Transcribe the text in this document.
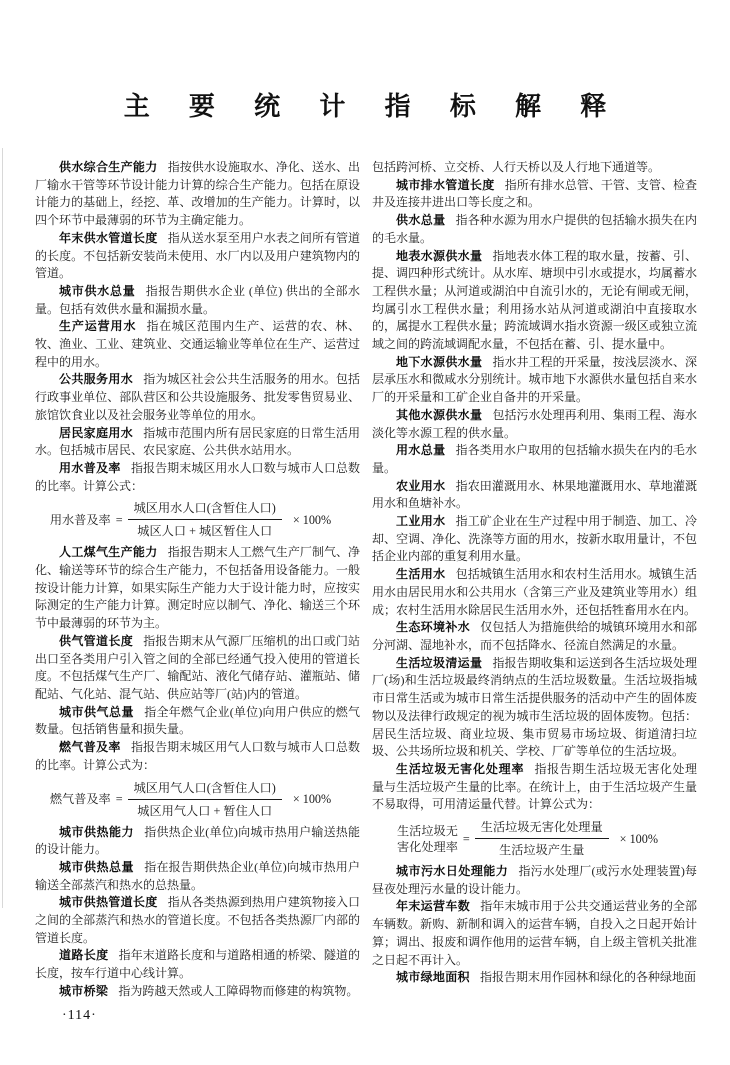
主 要 统 计 指 标 解 释

供水综合生产能力 指按供水设施取水、净化、送水、出厂输水干管等环节设计能力计算的综合生产能力。包括在原设计能力的基础上，经挖、革、改增加的生产能力。计算时，以四个环节中最薄弱的环节为主确定能力。

年末供水管道长度 指从送水泵至用户水表之间所有管道的长度。不包括新安装尚未使用、水厂内以及用户建筑物内的管道。

城市供水总量 指报告期供水企业 (单位) 供出的全部水量。包括有效供水量和漏损水量。

生产运营用水 指在城区范围内生产、运营的农、林、牧、渔业、工业、建筑业、交通运输业等单位在生产、运营过程中的用水。

公共服务用水 指为城区社会公共生活服务的用水。包括行政事业单位、部队营区和公共设施服务、批发零售贸易业、旅馆饮食业以及社会服务业等单位的用水。

居民家庭用水 指城市范围内所有居民家庭的日常生活用水。包括城市居民、农民家庭、公共供水站用水。

用水普及率 指报告期末城区用水人口数与城市人口总数的比率。计算公式：

用水普及率 = $\frac{\text{城区用水人口(含暂住人口)}}{\text{城区人口 + 城区暂住人口}} \times 100\%$

人工煤气生产能力 指报告期末人工燃气生产厂制气、净化、输送等环节的综合生产能力，不包括备用设备能力。一般按设计能力计算，如果实际生产能力大于设计能力时，应按实际测定的生产能力计算。测定时应以制气、净化、输送三个环节中最薄弱的环节为主。

供气管道长度 指报告期末从气源厂压缩机的出口或门站出口至各类用户引入管之间的全部已经通气投入使用的管道长度。不包括煤气生产厂、输配站、液化气储存站、灌瓶站、储配站、气化站、混气站、供应站等厂(站)内的管道。

城市供气总量 指全年燃气企业(单位)向用户供应的燃气数量。包括销售量和损失量。

燃气普及率 指报告期末城区用气人口数与城市人口总数的比率。计算公式为：

燃气普及率 = $\frac{\text{城区用气人口(含暂住人口)}}{\text{城区用气人口 + 暂住人口}} \times 100\%$

城市供热能力 指供热企业(单位)向城市热用户输送热能的设计能力。

城市供热总量 指在报告期供热企业(单位)向城市热用户输送全部蒸汽和热水的总热量。

城市供热管道长度 指从各类热源到热用户建筑物接入口之间的全部蒸汽和热水的管道长度。不包括各类热源厂内部的管道长度。

道路长度 指年末道路长度和与道路相通的桥梁、隧道的长度，按车行道中心线计算。

城市桥梁 指为跨越天然或人工障碍物而修建的构筑物。

包括跨河桥、立交桥、人行天桥以及人行地下通道等。

城市排水管道长度 指所有排水总管、干管、支管、检查井及连接井进出口等长度之和。

供水总量 指各种水源为用水户提供的包括输水损失在内的毛水量。

地表水源供水量 指地表水体工程的取水量，按蓄、引、提、调四种形式统计。从水库、塘坝中引水或提水，均属蓄水工程供水量；从河道或湖泊中自流引水的，无论有闸或无闸，均属引水工程供水量；利用扬水站从河道或湖泊中直接取水的，属提水工程供水量；跨流域调水指水资源一级区或独立流域之间的跨流域调配水量，不包括在蓄、引、提水量中。

地下水源供水量 指水井工程的开采量，按浅层淡水、深层承压水和微咸水分别统计。城市地下水源供水量包括自来水厂的开采量和工矿企业自备井的开采量。

其他水源供水量 包括污水处理再利用、集雨工程、海水淡化等水源工程的供水量。

用水总量 指各类用水户取用的包括输水损失在内的毛水量。

农业用水 指农田灌溉用水、林果地灌溉用水、草地灌溉用水和鱼塘补水。

工业用水 指工矿企业在生产过程中用于制造、加工、冷却、空调、净化、洗涤等方面的用水，按新水取用量计，不包括企业内部的重复利用水量。

生活用水 包括城镇生活用水和农村生活用水。城镇生活用水由居民用水和公共用水（含第三产业及建筑业等用水）组成；农村生活用水除居民生活用水外，还包括牲畜用水在内。

生态环境补水 仅包括人为措施供给的城镇环境用水和部分河湖、湿地补水，而不包括降水、径流自然满足的水量。

生活垃圾清运量 指报告期收集和运送到各生活垃圾处理厂(场)和生活垃圾最终消纳点的生活垃圾数量。生活垃圾指城市日常生活或为城市日常生活提供服务的活动中产生的固体废物以及法律行政规定的视为城市生活垃圾的固体废物。包括：居民生活垃圾、商业垃圾、集市贸易市场垃圾、街道清扫垃圾、公共场所垃圾和机关、学校、厂矿等单位的生活垃圾。

生活垃圾无害化处理率 指报告期生活垃圾无害化处理量与生活垃圾产生量的比率。在统计上，由于生活垃圾产生量不易取得，可用清运量代替。计算公式为：

生活垃圾无
害化处理率
= $\frac{\text{生活垃圾无害化处理量}}{\text{生活垃圾产生量}} \times 100\%$

城市污水日处理能力 指污水处理厂(或污水处理装置)每昼夜处理污水量的设计能力。

年末运营车数 指年末城市用于公共交通运营业务的全部车辆数。新购、新制和调入的运营车辆，自投入之日起开始计算；调出、报废和调作他用的运营车辆，自上级主管机关批准之日起不再计入。

城市绿地面积 指报告期末用作园林和绿化的各种绿地面

·114·
